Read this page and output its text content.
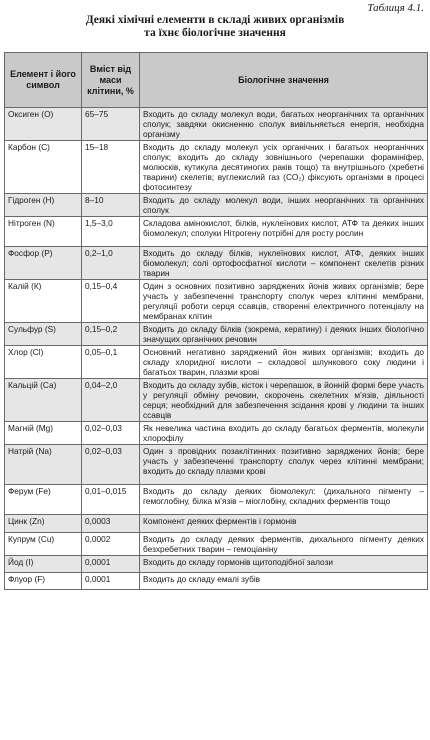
Таблиця 4.1.
Деякі хімічні елементи в складі живих організмів
та їхнє біологічне значення
Елемент і його символ	Вміст від маси клітини, %	Біологічне значення
Оксиген (О)	65–75	Входить до складу молекул води, багатьох неорганічних та органічних сполук; завдяки окисненню сполук вивільняється енергія, необхідна організму
Карбон (С)	15–18	Входить до складу молекул усіх органічних і багатьох неорганічних сполук; входить до складу зовнішнього (черепашки форамініфер, молюсків, кутикула десятиногих раків тощо) та внутрішнього (хребетні тварини) скелетів; вуглекислий газ (CO₂) фіксують організми в процесі фотосинтезу
Гідроген (Н)	8–10	Входить до складу молекул води, інших неорганічних та органічних сполук
Нітроген (N)	1,5–3,0	Складова амінокислот, білків, нуклеїнових кислот, АТФ та деяких інших біомолекул; сполуки Нітрогену потрібні для росту рослин
Фосфор (Р)	0,2–1,0	Входить до складу білків, нуклеїнових кислот, АТФ, деяких інших біомолекул; солі ортофосфатної кислоти – компонент скелетів різних тварин
Калій (К)	0,15–0,4	Один з основних позитивно заряджених йонів живих організмів; бере участь у забезпеченні транспорту сполук через клітинні мембрани, регуляції роботи серця ссавців, створенні електричного потенціалу на мембранах клітин
Сульфур (S)	0,15–0,2	Входить до складу білків (зокрема, кератину) і деяких інших біологічно значущих органічних речовин
Хлор (Cl)	0,05–0,1	Основний негативно заряджений йон живих організмів; входить до складу хлоридної кислоти – складової шлункового соку людини і багатьох тварин, плазми крові
Кальцій (Са)	0,04–2,0	Входить до складу зубів, кісток і черепашок, в йонній формі бере участь у регуляції обміну речовин, скорочень скелетних м’язів, діяльності серця; необхідний для забезпечення зсідання крові у людини та інших ссавців
Магній (Mg)	0,02–0,03	Як невелика частина входить до складу багатьох ферментів, молекули хлорофілу
Натрій (Na)	0,02–0,03	Один з провідних позаклітинних позитивно заряджених йонів; бере участь у забезпеченні транспорту сполук через клітинні мембрани; входить до складу плазми крові
Ферум (Fe)	0,01–0,015	Входить до складу деяких біомолекул: (дихального пігменту – гемоглобіну, білка м’язів – міоглобіну, складних ферментів тощо
Цинк (Zn)	0,0003	Компонент деяких ферментів і гормонів
Купрум (Cu)	0,0002	Входить до складу деяких ферментів, дихального пігменту деяких безхребетних тварин – гемоціаніну
Йод (I)	0,0001	Входить до складу гормонів щитоподібної залози
Флуор (F)	0,0001	Входить до складу емалі зубів
